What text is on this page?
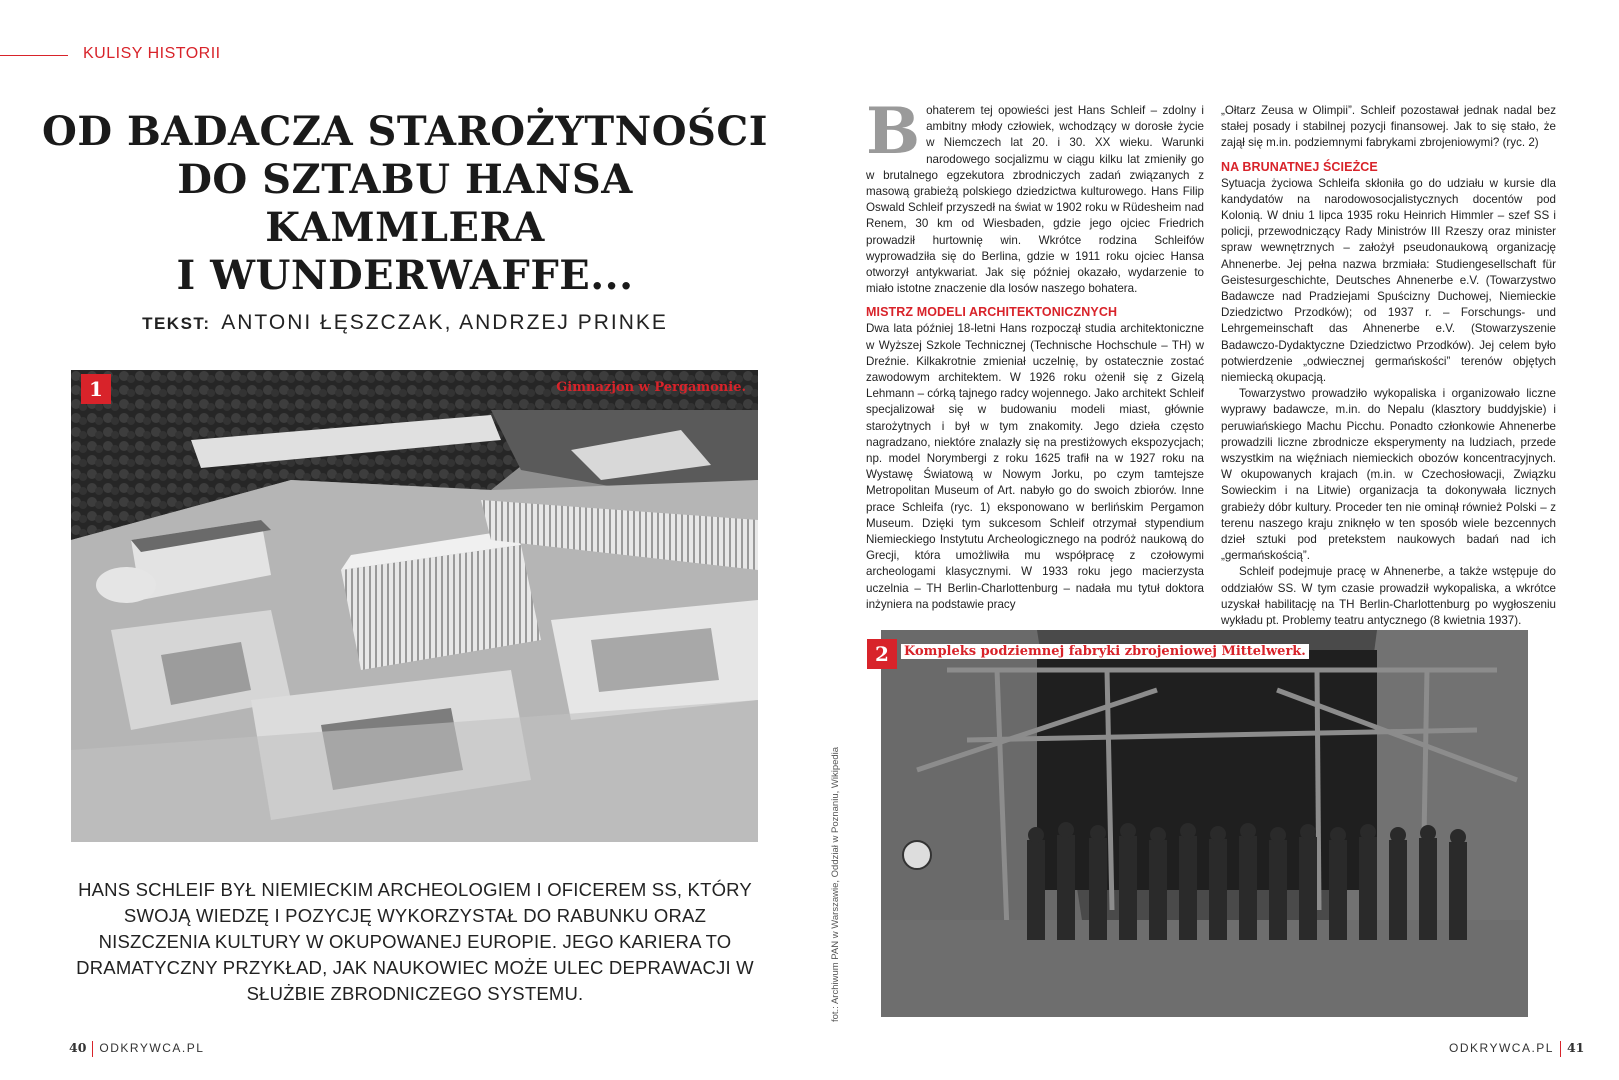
KULISY HISTORII
OD BADACZA STAROŻYTNOŚCI
DO SZTABU HANSA KAMMLERA
I WUNDERWAFFE...
TEKST: ANTONI ŁĘSZCZAK, ANDRZEJ PRINKE
1	Gimnazjon w Pergamonie.
HANS SCHLEIF BYŁ NIEMIECKIM ARCHEOLOGIEM I OFICEREM SS, KTÓRY SWOJĄ WIEDZĘ I POZYCJĘ WYKORZYSTAŁ DO RABUNKU ORAZ NISZCZENIA KULTURY W OKUPOWANEJ EUROPIE. JEGO KARIERA TO DRAMATYCZNY PRZYKŁAD, JAK NAUKOWIEC MOŻE ULEC DEPRAWACJI W SŁUŻBIE ZBRODNICZEGO SYSTEMU.
40 ODKRYWCA.PL

Bohaterem tej opowieści jest Hans Schleif – zdolny i ambitny młody człowiek, wchodzący w dorosłe życie w Niemczech lat 20. i 30. XX wieku. Warunki narodowego socjalizmu w ciągu kilku lat zmieniły go w brutalnego egzekutora zbrodniczych zadań związanych z masową grabieżą polskiego dziedzictwa kulturowego. Hans Filip Oswald Schleif przyszedł na świat w 1902 roku w Rüdesheim nad Renem, 30 km od Wiesbaden, gdzie jego ojciec Friedrich prowadził hurtownię win. Wkrótce rodzina Schleifów wyprowadziła się do Berlina, gdzie w 1911 roku ojciec Hansa otworzył antykwariat. Jak się później okazało, wydarzenie to miało istotne znaczenie dla losów naszego bohatera.

MISTRZ MODELI ARCHITEKTONICZNYCH

Dwa lata później 18-letni Hans rozpoczął studia architektoniczne w Wyższej Szkole Technicznej (Technische Hochschule – TH) w Dreźnie. Kilkakrotnie zmieniał uczelnię, by ostatecznie zostać zawodowym architektem. W 1926 roku ożenił się z Gizelą Lehmann – córką tajnego radcy wojennego. Jako architekt Schleif specjalizował się w budowaniu modeli miast, głównie starożytnych i był w tym znakomity. Jego dzieła często nagradzano, niektóre znalazły się na prestiżowych ekspozycjach; np. model Norymbergi z roku 1625 trafił na w 1927 roku na Wystawę Światową w Nowym Jorku, po czym tamtejsze Metropolitan Museum of Art. nabyło go do swoich zbiorów. Inne prace Schleifa (ryc. 1) eksponowano w berlińskim Pergamon Museum. Dzięki tym sukcesom Schleif otrzymał stypendium Niemieckiego Instytutu Archeologicznego na podróż naukową do Grecji, która umożliwiła mu współpracę z czołowymi archeologami klasycznymi. W 1933 roku jego macierzysta uczelnia – TH Berlin-Charlottenburg – nadała mu tytuł doktora inżyniera na podstawie pracy

„Ołtarz Zeusa w Olimpii”. Schleif pozostawał jednak nadal bez stałej posady i stabilnej pozycji finansowej. Jak to się stało, że zajął się m.in. podziemnymi fabrykami zbrojeniowymi? (ryc. 2)

NA BRUNATNEJ ŚCIEŻCE

Sytuacja życiowa Schleifa skłoniła go do udziału w kursie dla kandydatów na narodowosocjalistycznych docentów pod Kolonią. W dniu 1 lipca 1935 roku Heinrich Himmler – szef SS i policji, przewodniczący Rady Ministrów III Rzeszy oraz minister spraw wewnętrznych – założył pseudonaukową organizację Ahnenerbe. Jej pełna nazwa brzmiała: Studiengesellschaft für Geistesurgeschichte, Deutsches Ahnenerbe e.V. (Towarzystwo Badawcze nad Pradziejami Spuścizny Duchowej, Niemieckie Dziedzictwo Przodków); od 1937 r. – Forschungs- und Lehrgemeinschaft das Ahnenerbe e.V. (Stowarzyszenie Badawczo-Dydaktyczne Dziedzictwo Przodków). Jej celem było potwierdzenie „odwiecznej germańskości” terenów objętych niemiecką okupacją.

Towarzystwo prowadziło wykopaliska i organizowało liczne wyprawy badawcze, m.in. do Nepalu (klasztory buddyjskie) i peruwiańskiego Machu Picchu. Ponadto członkowie Ahnenerbe prowadzili liczne zbrodnicze eksperymenty na ludziach, przede wszystkim na więźniach niemieckich obozów koncentracyjnych. W okupowanych krajach (m.in. w Czechosłowacji, Związku Sowieckim i na Litwie) organizacja ta dokonywała licznych grabieży dóbr kultury. Proceder ten nie ominął również Polski – z terenu naszego kraju zniknęło w ten sposób wiele bezcennych dzieł sztuki pod pretekstem naukowych badań nad ich „germańskością”.

Schleif podejmuje pracę w Ahnenerbe, a także wstępuje do oddziałów SS. W tym czasie prowadził wykopaliska, a wkrótce uzyskał habilitację na TH Berlin-Charlottenburg po wygłoszeniu wykładu pt. Problemy teatru antycznego (8 kwietnia 1937).

2	Kompleks podziemnej fabryki zbrojeniowej Mittelwerk.
fot.: Archiwum PAN w Warszawie, Oddział w Poznaniu, Wikipedia
ODKRYWCA.PL 41
